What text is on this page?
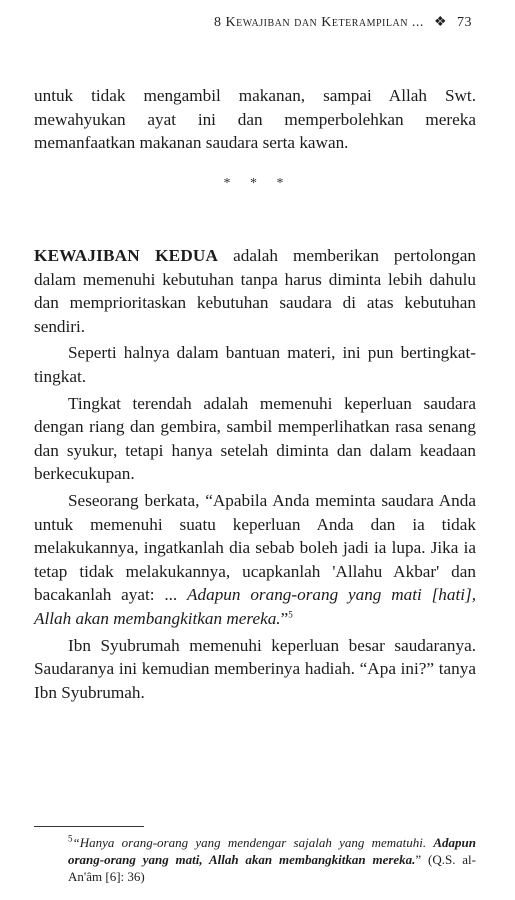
8 Kewajiban dan Keterampilan ... ❖ 73

untuk tidak mengambil makanan, sampai Allah Swt. mewahyukan ayat ini dan memperbolehkan mereka memanfaatkan makanan saudara serta kawan.

* * *

KEWAJIBAN KEDUA adalah memberikan pertolongan dalam memenuhi kebutuhan tanpa harus diminta lebih dahulu dan memprioritaskan kebutuhan saudara di atas kebutuhan sendiri.

Seperti halnya dalam bantuan materi, ini pun bertingkat-tingkat.

Tingkat terendah adalah memenuhi keperluan saudara dengan riang dan gembira, sambil memperlihatkan rasa senang dan syukur, tetapi hanya setelah diminta dan dalam keadaan berkecukupan.

Seseorang berkata, “Apabila Anda meminta saudara Anda untuk memenuhi suatu keperluan Anda dan ia tidak melakukannya, ingatkanlah dia sebab boleh jadi ia lupa. Jika ia tetap tidak melakukannya, ucapkanlah 'Allahu Akbar' dan bacakanlah ayat: ... Adapun orang-orang yang mati [hati], Allah akan membangkitkan mereka.”$^5$

Ibn Syubrumah memenuhi keperluan besar saudaranya. Saudaranya ini kemudian memberinya hadiah. “Apa ini?” tanya Ibn Syubrumah.

$^5$“Hanya orang-orang yang mendengar sajalah yang mematuhi. Adapun orang-orang yang mati, Allah akan membangkitkan mereka.” (Q.S. al-An'âm [6]: 36)
